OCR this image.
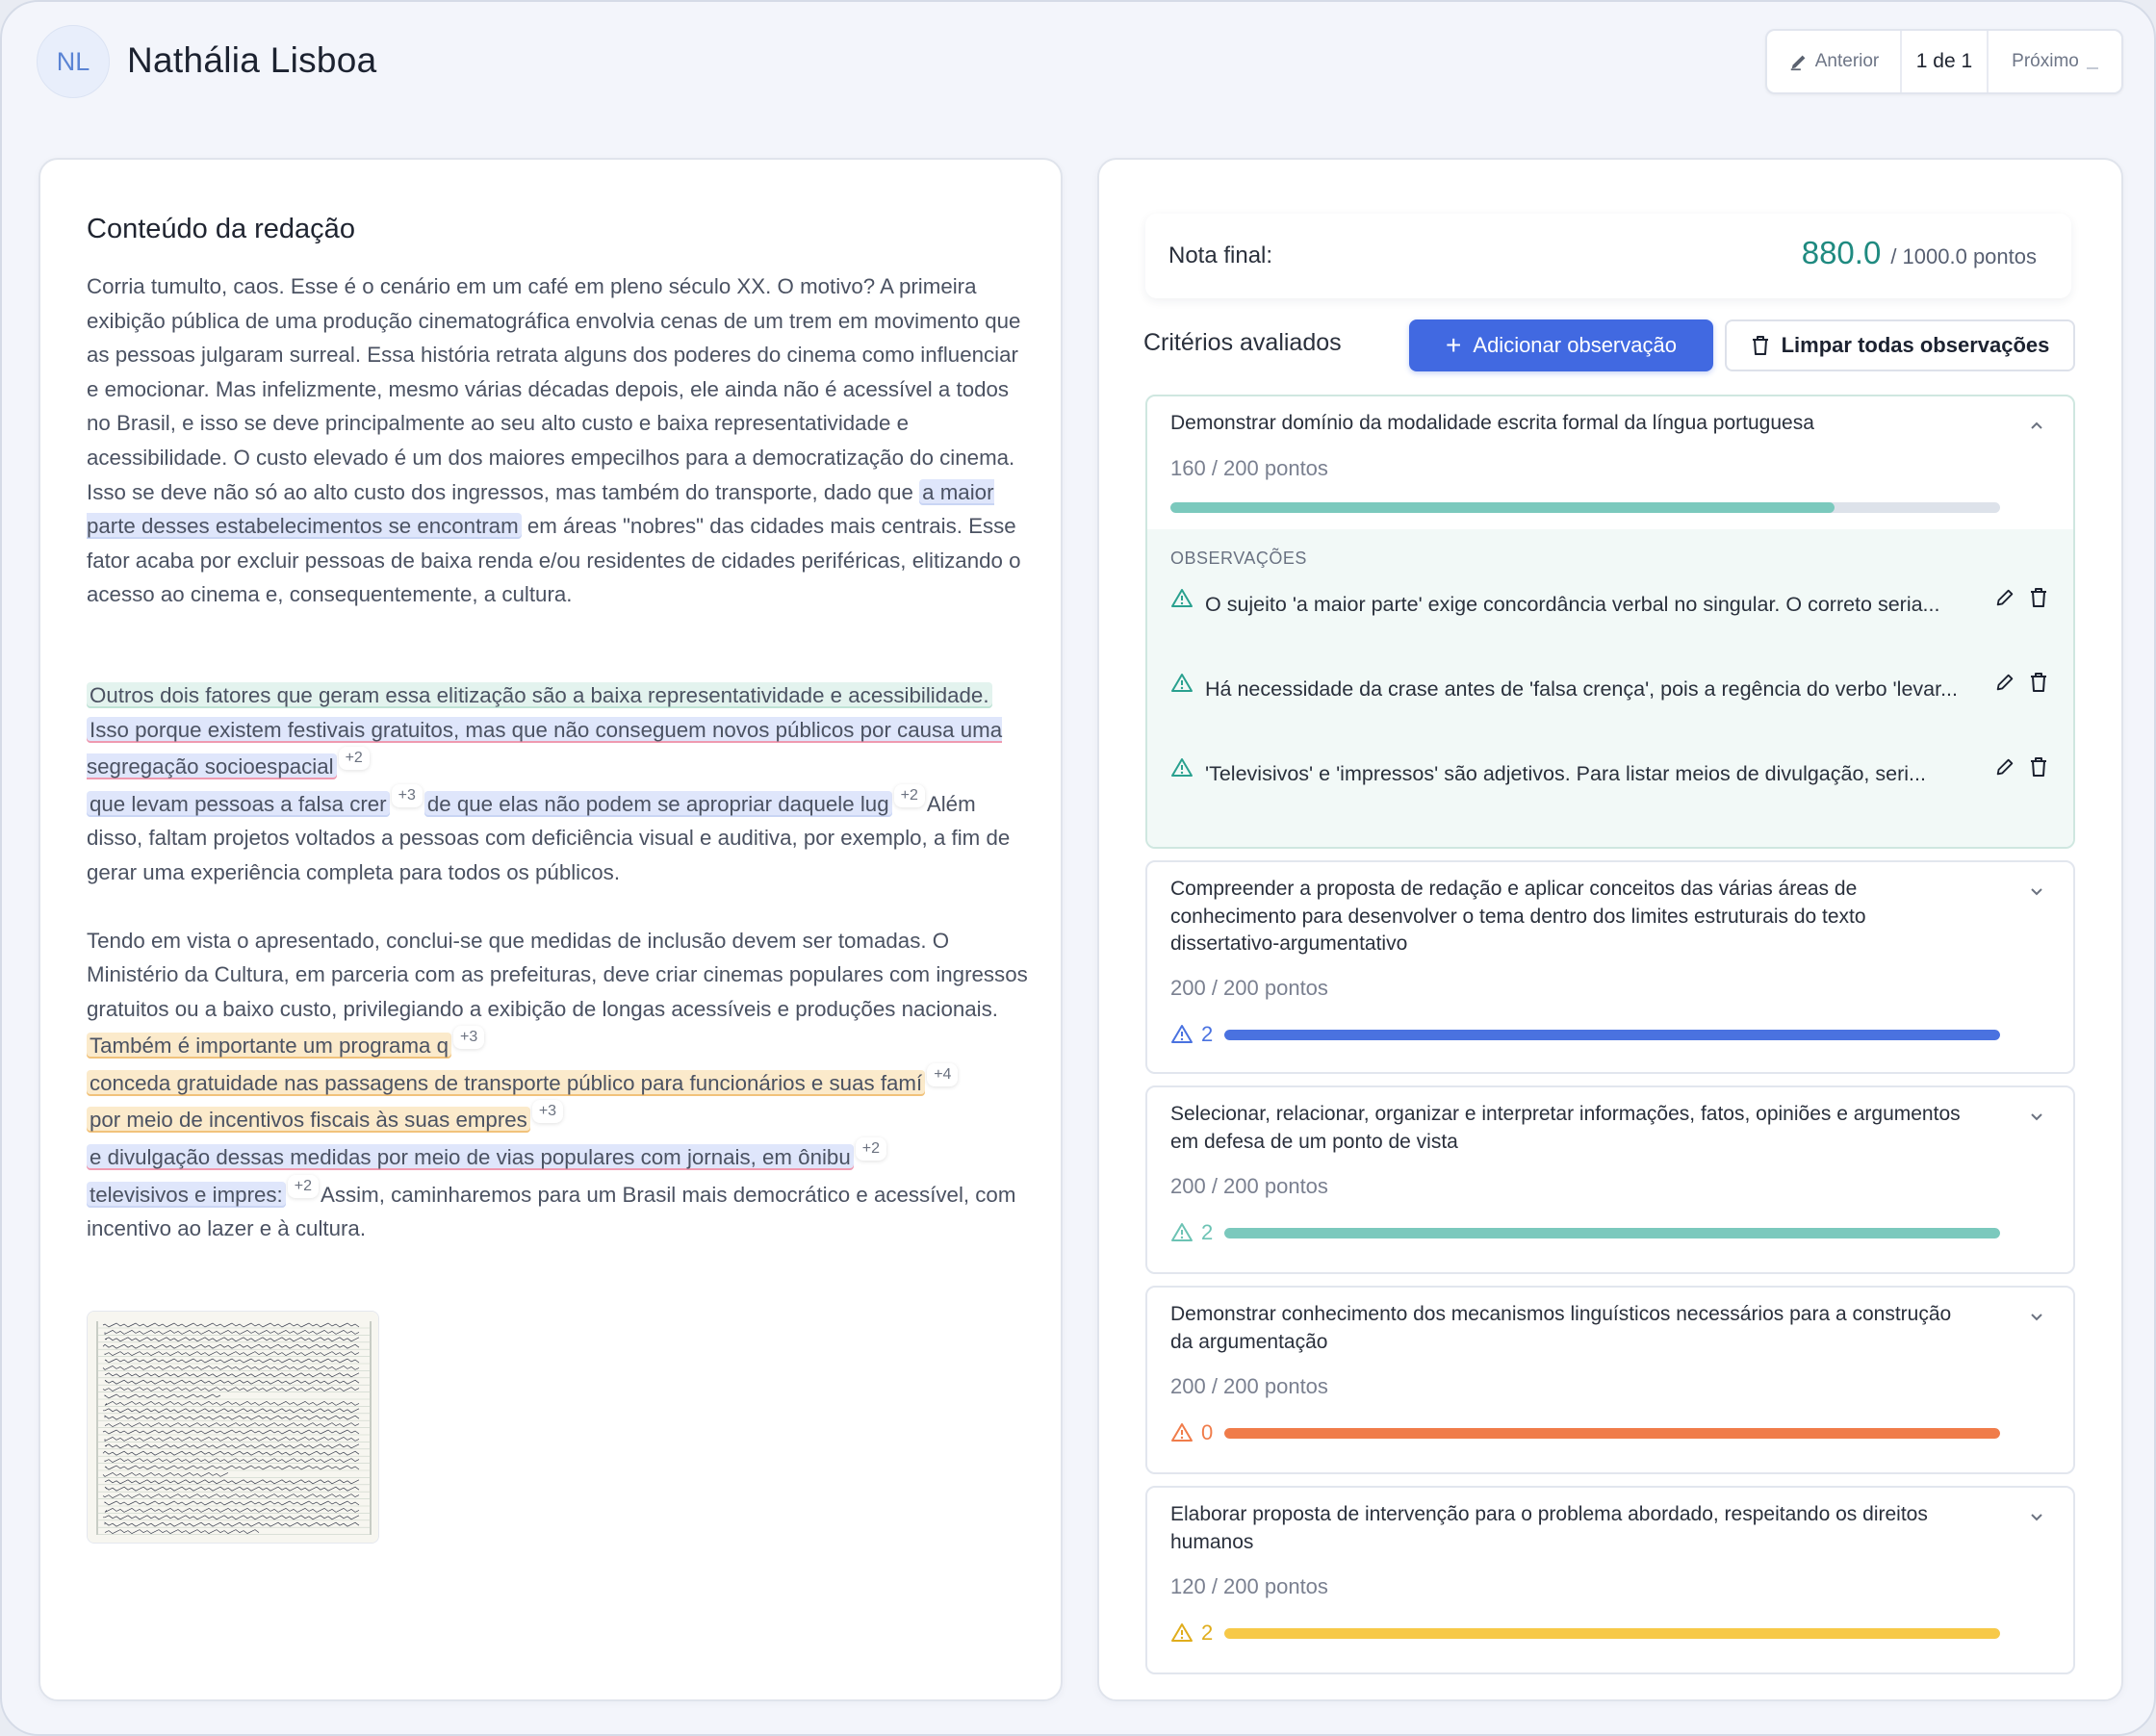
NL	Nathália Lisboa	Anterior	1 de 1	Próximo
Conteúdo da redação

Corria tumulto, caos. Esse é o cenário em um café em pleno século XX. O motivo? A primeira exibição pública de uma produção cinematográfica envolvia cenas de um trem em movimento que as pessoas julgaram surreal. Essa história retrata alguns dos poderes do cinema como influenciar e emocionar. Mas infelizmente, mesmo várias décadas depois, ele ainda não é acessível a todos no Brasil, e isso se deve principalmente ao seu alto custo e baixa representatividade e acessibilidade. O custo elevado é um dos maiores empecilhos para a democratização do cinema. Isso se deve não só ao alto custo dos ingressos, mas também do transporte, dado que a maior parte desses estabelecimentos se encontram em áreas "nobres" das cidades mais centrais. Esse fator acaba por excluir pessoas de baixa renda e/ou residentes de cidades periféricas, elitizando o acesso ao cinema e, consequentemente, a cultura.

Outros dois fatores que geram essa elitização são a baixa representatividade e acessibilidade.
Isso porque existem festivais gratuitos, mas que não conseguem novos públicos por causa uma segregação socioespacial +2
que levam pessoas a falsa crer +3 de que elas não podem se apropriar daquele lug +2 Além disso, faltam projetos voltados a pessoas com deficiência visual e auditiva, por exemplo, a fim de gerar uma experiência completa para todos os públicos.

Tendo em vista o apresentado, conclui-se que medidas de inclusão devem ser tomadas. O Ministério da Cultura, em parceria com as prefeituras, deve criar cinemas populares com ingressos gratuitos ou a baixo custo, privilegiando a exibição de longas acessíveis e produções nacionais. Também é importante um programa q +3
conceda gratuidade nas passagens de transporte público para funcionários e suas famí +4
por meio de incentivos fiscais às suas empres +3
e divulgação dessas medidas por meio de vias populares com jornais, em ônibu +2
televisivos e impres: +2 Assim, caminharemos para um Brasil mais democrático e acessível, com incentivo ao lazer e à cultura.

Nota final:	880.0 / 1000.0 pontos
Critérios avaliados	+ Adicionar observação	Limpar todas observações
Demonstrar domínio da modalidade escrita formal da língua portuguesa
160 / 200 pontos
OBSERVAÇÕES
O sujeito 'a maior parte' exige concordância verbal no singular. O correto seria...
Há necessidade da crase antes de 'falsa crença', pois a regência do verbo 'levar...
'Televisivos' e 'impressos' são adjetivos. Para listar meios de divulgação, seri...
Compreender a proposta de redação e aplicar conceitos das várias áreas de conhecimento para desenvolver o tema dentro dos limites estruturais do texto dissertativo-argumentativo
200 / 200 pontos
2
Selecionar, relacionar, organizar e interpretar informações, fatos, opiniões e argumentos em defesa de um ponto de vista
200 / 200 pontos
2
Demonstrar conhecimento dos mecanismos linguísticos necessários para a construção da argumentação
200 / 200 pontos
0
Elaborar proposta de intervenção para o problema abordado, respeitando os direitos humanos
120 / 200 pontos
2
